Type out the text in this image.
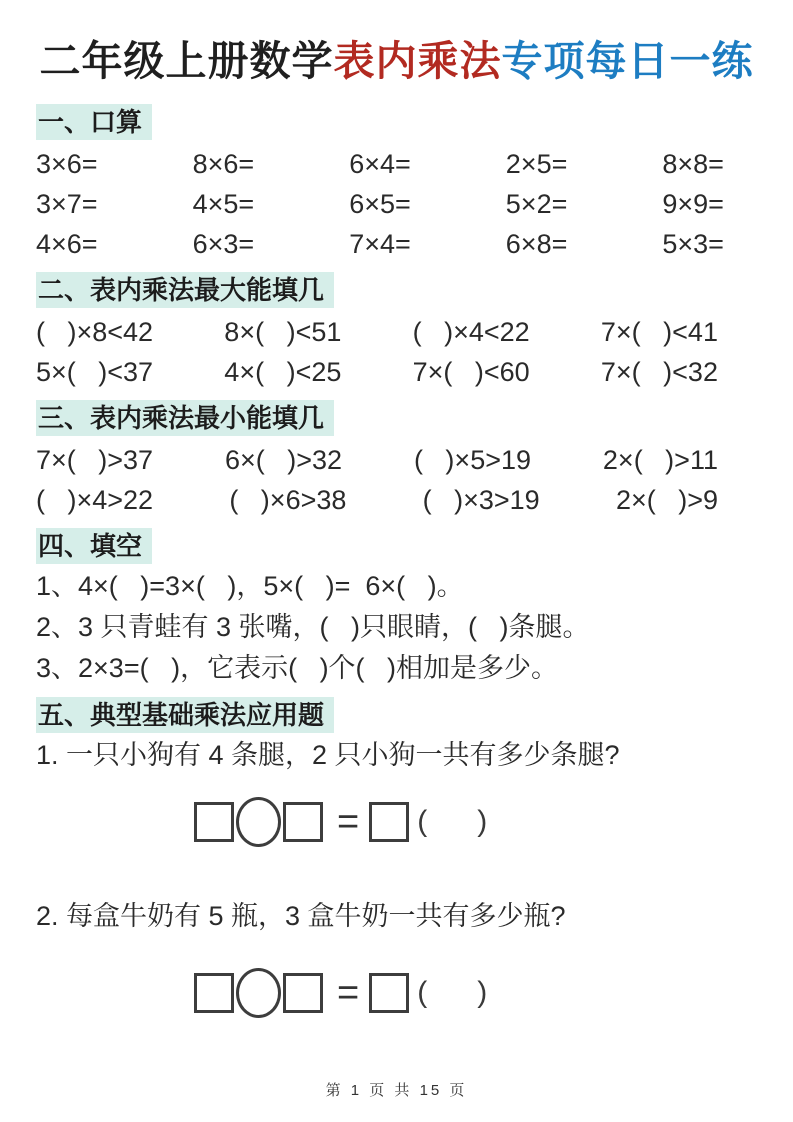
二年级上册数学表内乘法专项每日一练
一、口算
3×6=	8×6=	6×4=	2×5=	8×8=
3×7=	4×5=	6×5=	5×2=	9×9=
4×6=	6×3=	7×4=	6×8=	5×3=
二、表内乘法最大能填几
(   )×8<42	8×(   )<51	(   )×4<22	7×(   )<41
5×(   )<37	4×(   )<25	7×(   )<60	7×(   )<32
三、表内乘法最小能填几
7×(   )>37	6×(   )>32	(   )×5>19	2×(   )>11
(   )×4>22	(   )×6>38	(   )×3>19	2×(   )>9
四、填空
1、4×(   )=3×(   )，5×(   )=  6×(   )。
2、3 只青蛙有 3 张嘴，(   )只眼睛，(   )条腿。
3、2×3=(   )，它表示(   )个(   )相加是多少。
五、典型基础乘法应用题
1. 一只小狗有 4 条腿，2 只小狗一共有多少条腿?
= (      )
2. 每盒牛奶有 5 瓶，3 盒牛奶一共有多少瓶?
= (      )
第 1 页 共 15 页
